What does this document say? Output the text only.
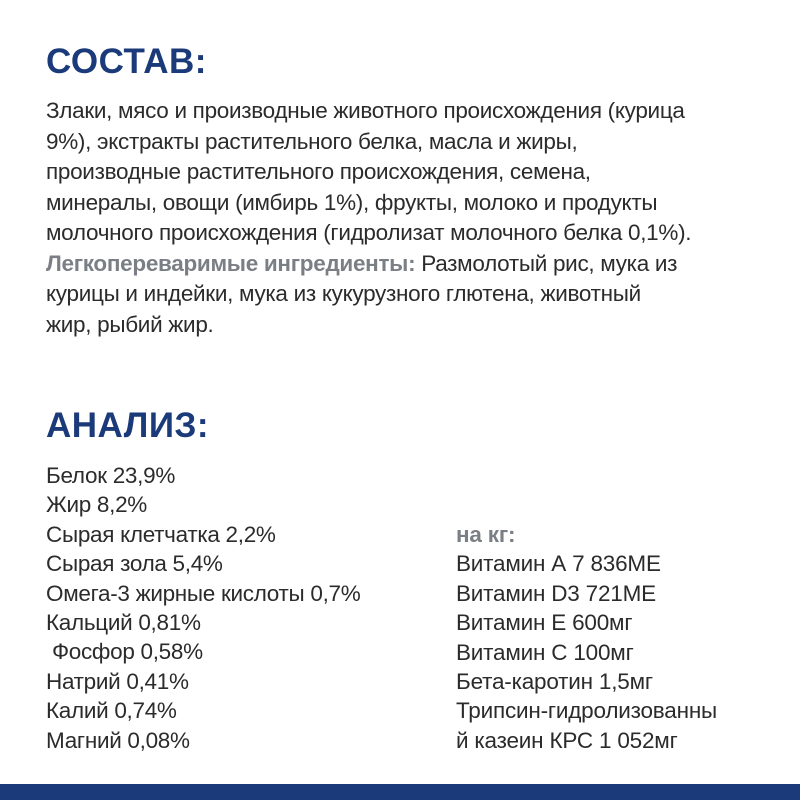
СОСТАВ:

Злаки, мясо и производные животного происхождения (курица
9%), экстракты растительного белка, масла и жиры,
производные растительного происхождения, семена,
минералы, овощи (имбирь 1%), фрукты, молоко и продукты
молочного происхождения (гидролизат молочного белка 0,1%).
Легкопереваримые ингредиенты: Размолотый рис, мука из
курицы и индейки, мука из кукурузного глютена, животный
жир, рыбий жир.

АНАЛИЗ:
Белок 23,9%
Жир 8,2%
Сырая клетчатка 2,2%
Сырая зола 5,4%
Омега-3 жирные кислоты 0,7%
Кальций 0,81%
Фосфор 0,58%
Натрий 0,41%
Калий 0,74%
Магний 0,08%
на кг:
Витамин А 7 836МЕ
Витамин D3 721МЕ
Витамин Е 600мг
Витамин С 100мг
Бета-каротин 1,5мг
Трипсин-гидролизованны
й казеин КРС 1 052мг
